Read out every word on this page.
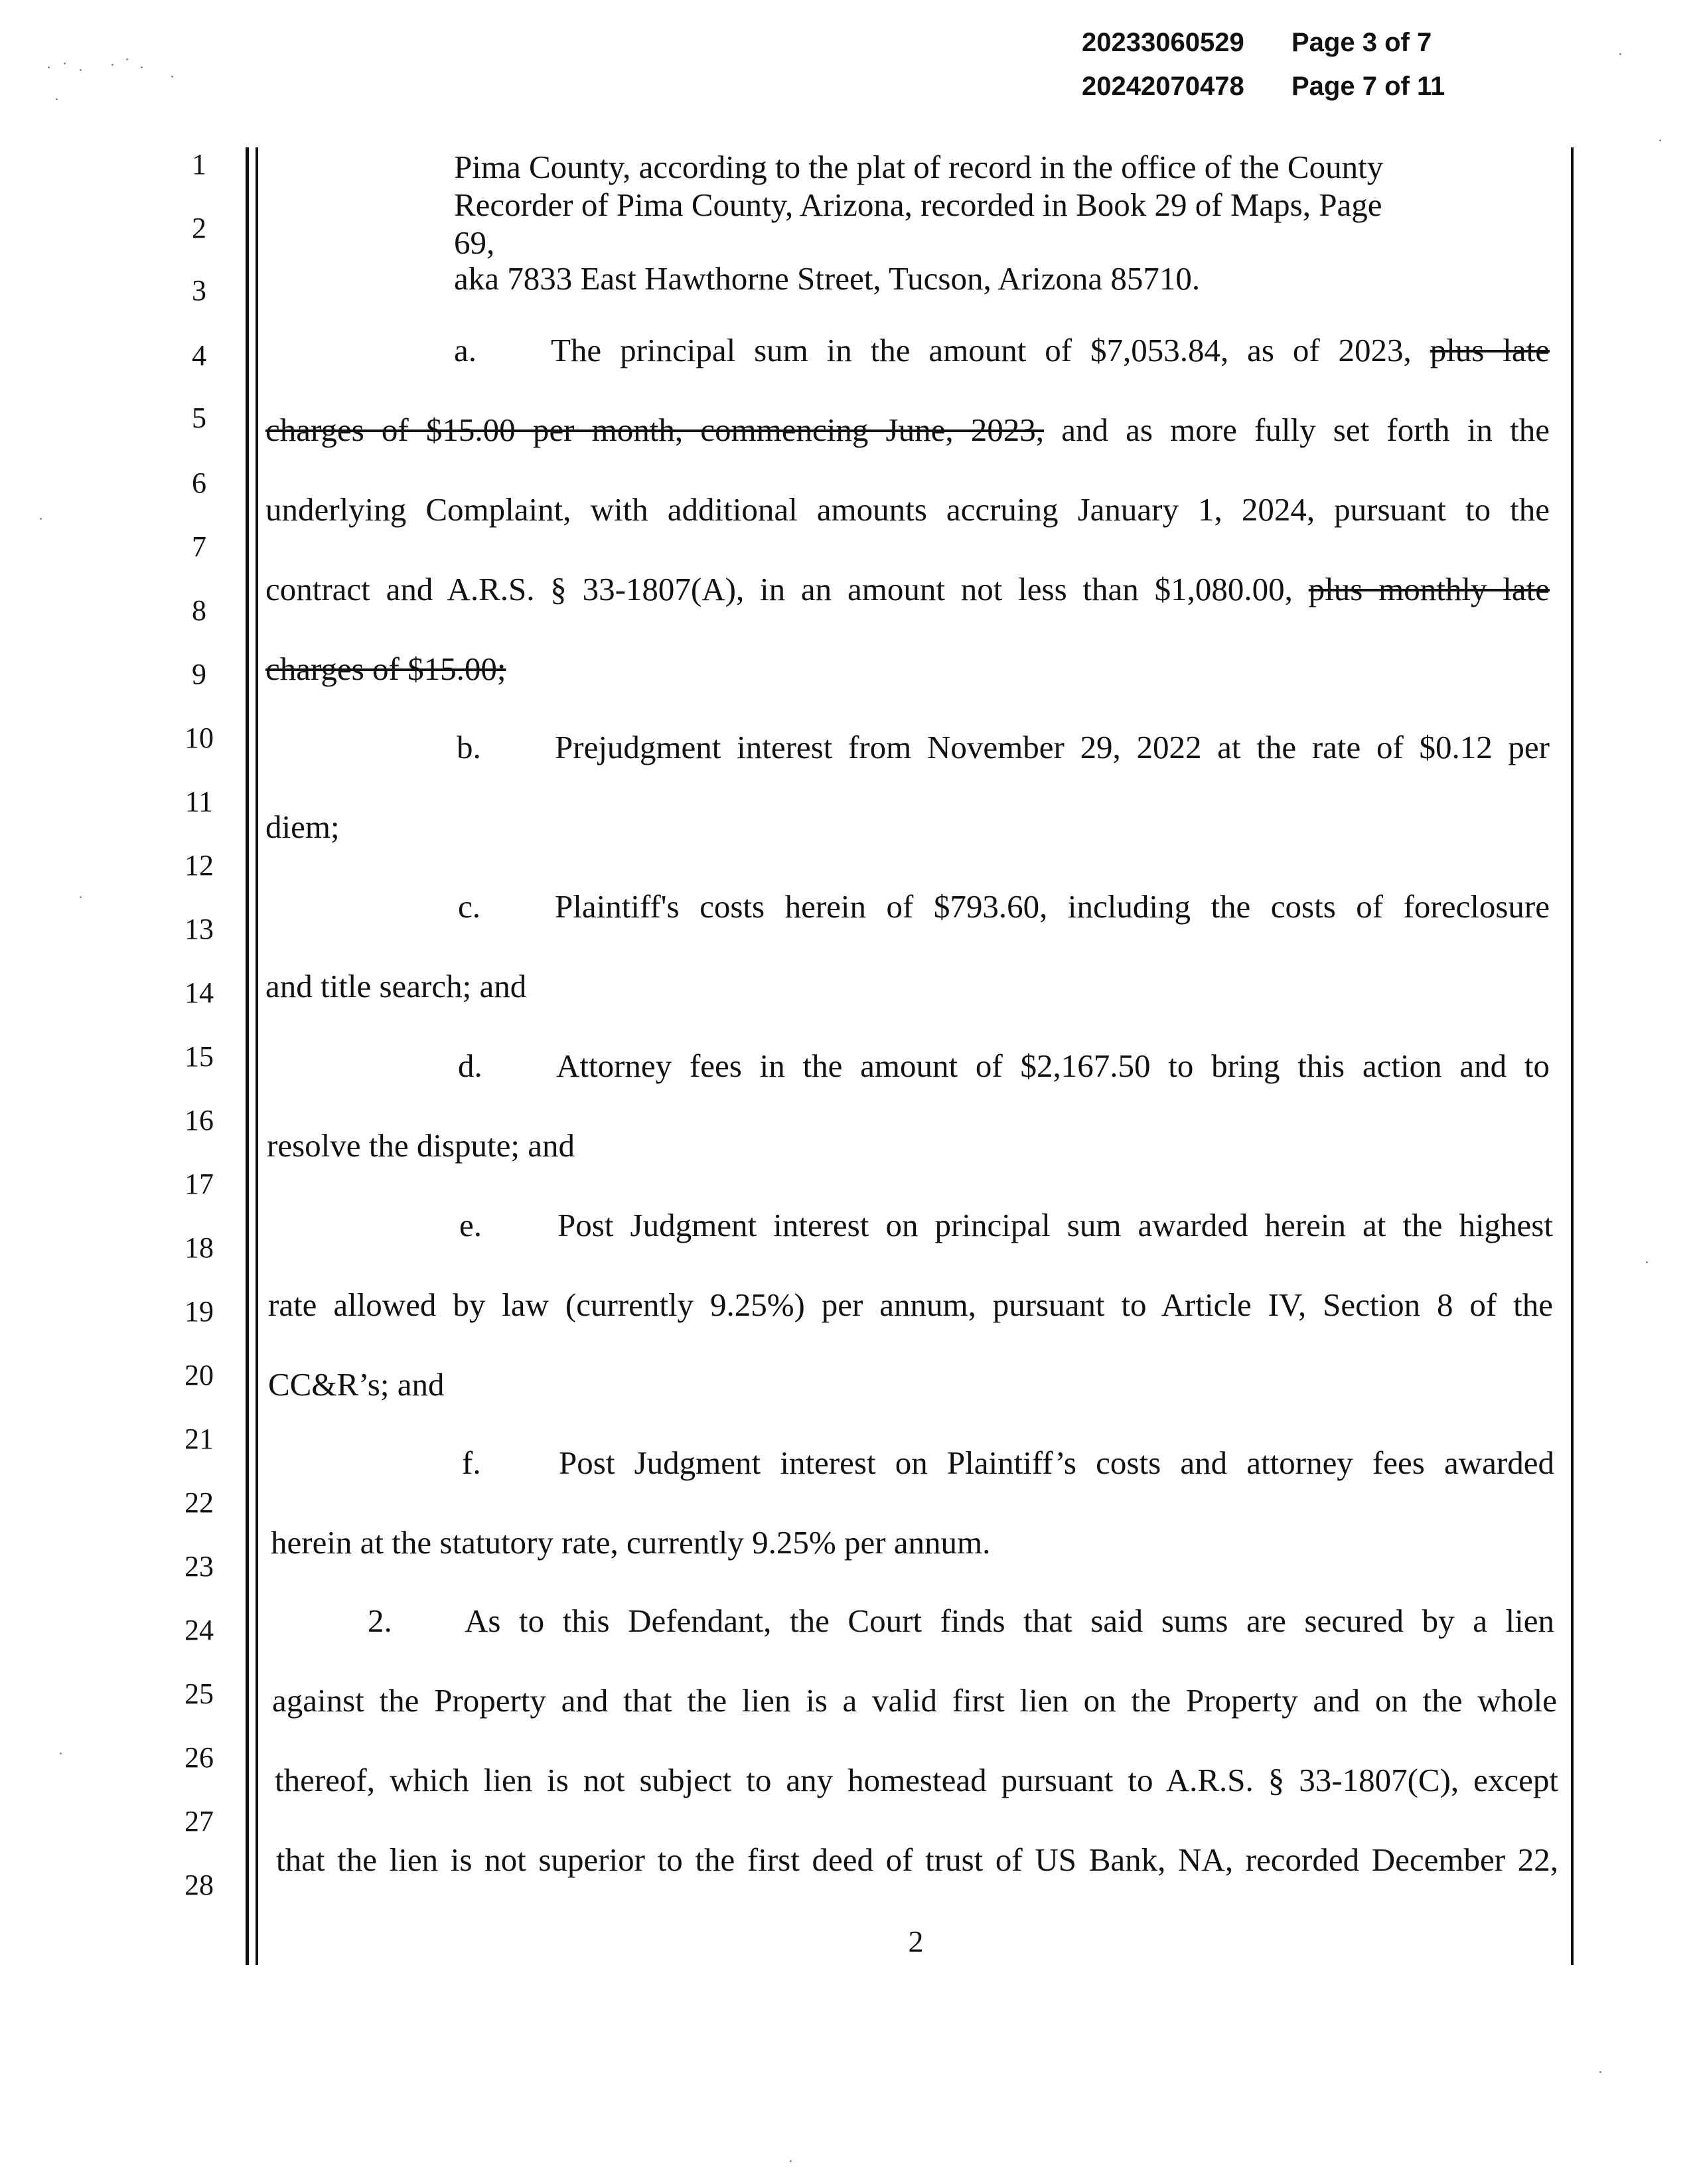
20233060529 Page 3 of 7
20242070478 Page 7 of 11
1
2
3
4
5
6
7
8
9
10
11
12
13
14
15
16
17
18
19
20
21
22
23
24
25
26
27
28
Pima County, according to the plat of record in the office of the County
Recorder of Pima County, Arizona, recorded in Book 29 of Maps, Page
69,
aka 7833 East Hawthorne Street, Tucson, Arizona 85710.
a. The principal sum in the amount of $7,053.84, as of 2023, plus late
charges of $15.00 per month, commencing June, 2023, and as more fully set forth in the
underlying Complaint, with additional amounts accruing January 1, 2024, pursuant to the
contract and A.R.S. § 33-1807(A), in an amount not less than $1,080.00, plus monthly late
charges of $15.00;
b. Prejudgment interest from November 29, 2022 at the rate of $0.12 per
diem;
c. Plaintiff's costs herein of $793.60, including the costs of foreclosure
and title search; and
d. Attorney fees in the amount of $2,167.50 to bring this action and to
resolve the dispute; and
e. Post Judgment interest on principal sum awarded herein at the highest
rate allowed by law (currently 9.25%) per annum, pursuant to Article IV, Section 8 of the
CC&R’s; and
f. Post Judgment interest on Plaintiff’s costs and attorney fees awarded
herein at the statutory rate, currently 9.25% per annum.
2. As to this Defendant, the Court finds that said sums are secured by a lien
against the Property and that the lien is a valid first lien on the Property and on the whole
thereof, which lien is not subject to any homestead pursuant to A.R.S. § 33-1807(C), except
that the lien is not superior to the first deed of trust of US Bank, NA, recorded December 22,
2
